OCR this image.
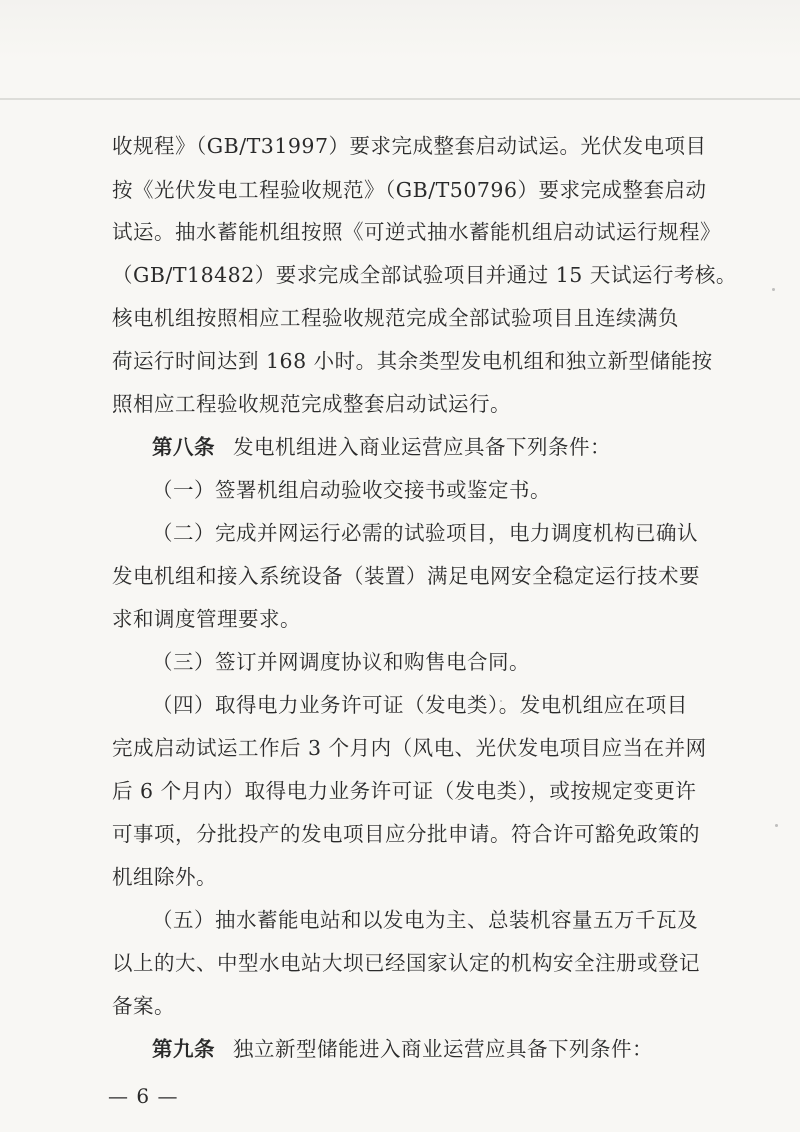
收规程》（GB/T31997）要求完成整套启动试运。光伏发电项目
按《光伏发电工程验收规范》（GB/T50796）要求完成整套启动
试运。抽水蓄能机组按照《可逆式抽水蓄能机组启动试运行规程》
（GB/T18482）要求完成全部试验项目并通过 15 天试运行考核。
核电机组按照相应工程验收规范完成全部试验项目且连续满负
荷运行时间达到 168 小时。其余类型发电机组和独立新型储能按
照相应工程验收规范完成整套启动试运行。
第八条 发电机组进入商业运营应具备下列条件：
（一）签署机组启动验收交接书或鉴定书。
（二）完成并网运行必需的试验项目，电力调度机构已确认
发电机组和接入系统设备（装置）满足电网安全稳定运行技术要
求和调度管理要求。
（三）签订并网调度协议和购售电合同。
（四）取得电力业务许可证（发电类）。发电机组应在项目
完成启动试运工作后 3 个月内（风电、光伏发电项目应当在并网
后 6 个月内）取得电力业务许可证（发电类），或按规定变更许
可事项，分批投产的发电项目应分批申请。符合许可豁免政策的
机组除外。
（五）抽水蓄能电站和以发电为主、总装机容量五万千瓦及
以上的大、中型水电站大坝已经国家认定的机构安全注册或登记
备案。
第九条 独立新型储能进入商业运营应具备下列条件：
— 6 —
